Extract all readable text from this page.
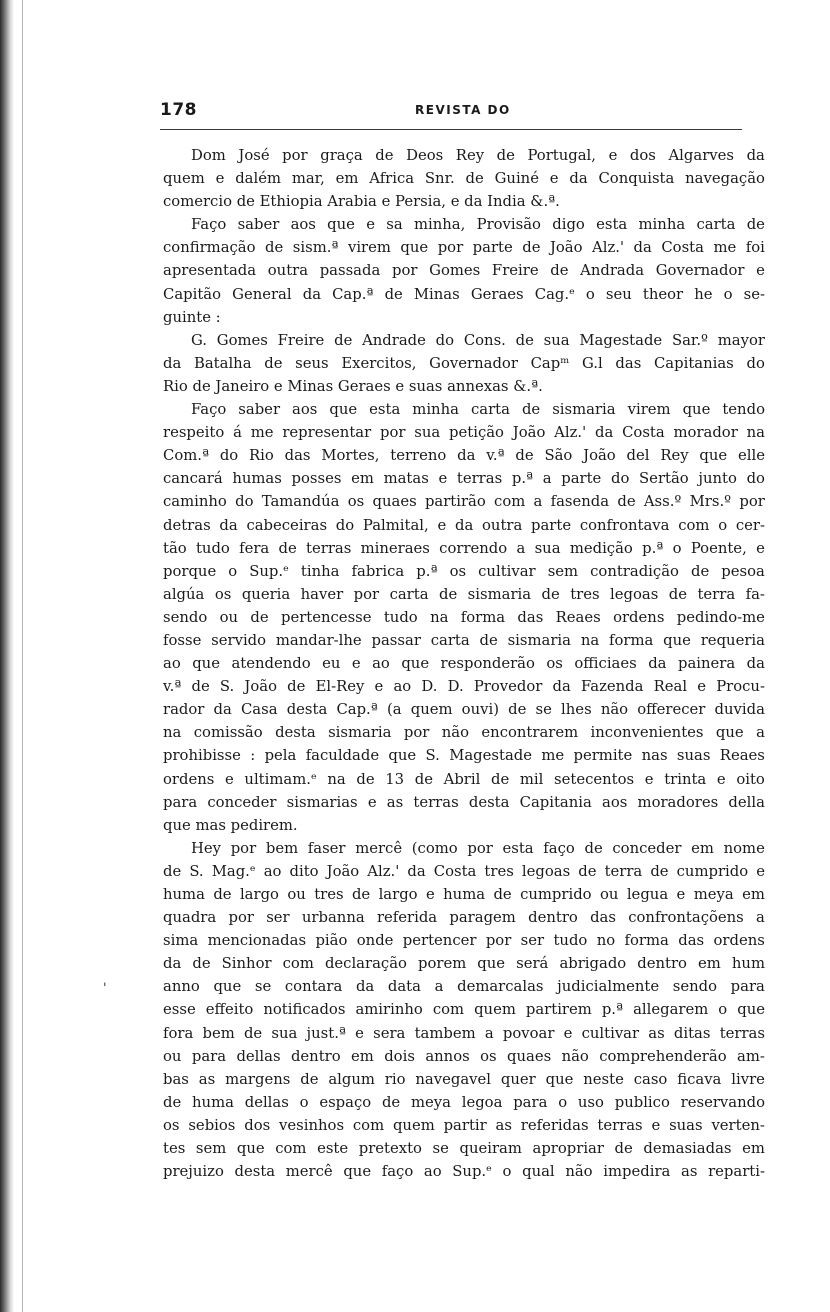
178	REVISTA DO
'
Dom José por graça de Deos Rey de Portugal, e dos Algarves da
quem e dalém mar, em Africa Snr. de Guiné e da Conquista navegação
comercio de Ethiopia Arabia e Persia, e da India &.ª.
Faço saber aos que e sa minha, Provisão digo esta minha carta de
confirmação de sism.ª virem que por parte de João Alz.' da Costa me foi
apresentada outra passada por Gomes Freire de Andrada Governador e
Capitão General da Cap.ª de Minas Geraes Cag.ᵉ o seu theor he o se-
guinte :
G. Gomes Freire de Andrade do Cons. de sua Magestade Sar.º mayor
da Batalha de seus Exercitos, Governador Capᵐ G.l das Capitanias do
Rio de Janeiro e Minas Geraes e suas annexas &.ª.
Faço saber aos que esta minha carta de sismaria virem que tendo
respeito á me representar por sua petição João Alz.' da Costa morador na
Com.ª do Rio das Mortes, terreno da v.ª de São João del Rey que elle
cancará humas posses em matas e terras p.ª a parte do Sertão junto do
caminho do Tamandúa os quaes partirão com a fasenda de Ass.º Mrs.º por
detras da cabeceiras do Palmital, e da outra parte confrontava com o cer-
tão tudo fera de terras mineraes correndo a sua medição p.ª o Poente, e
porque o Sup.ᵉ tinha fabrica p.ª os cultivar sem contradição de pesoa
algúa os queria haver por carta de sismaria de tres legoas de terra fa-
sendo ou de pertencesse tudo na forma das Reaes ordens pedindo-me
fosse servido mandar-lhe passar carta de sismaria na forma que requeria
ao que atendendo eu e ao que responderão os officiaes da painera da
v.ª de S. João de El-Rey e ao D. D. Provedor da Fazenda Real e Procu-
rador da Casa desta Cap.ª (a quem ouvi) de se lhes não offerecer duvida
na comissão desta sismaria por não encontrarem inconvenientes que a
prohibisse : pela faculdade que S. Magestade me permite nas suas Reaes
ordens e ultimam.ᵉ na de 13 de Abril de mil setecentos e trinta e oito
para conceder sismarias e as terras desta Capitania aos moradores della
que mas pedirem.
Hey por bem faser mercê (como por esta faço de conceder em nome
de S. Mag.ᵉ ao dito João Alz.' da Costa tres legoas de terra de cumprido e
huma de largo ou tres de largo e huma de cumprido ou legua e meya em
quadra por ser urbanna referida paragem dentro das confrontaçõens a
sima mencionadas pião onde pertencer por ser tudo no forma das ordens
da de Sinhor com declaração porem que será abrigado dentro em hum
anno que se contara da data a demarcalas judicialmente sendo para
esse effeito notificados amirinho com quem partirem p.ª allegarem o que
fora bem de sua just.ª e sera tambem a povoar e cultivar as ditas terras
ou para dellas dentro em dois annos os quaes não comprehenderão am-
bas as margens de algum rio navegavel quer que neste caso ficava livre
de huma dellas o espaço de meya legoa para o uso publico reservando
os sebios dos vesinhos com quem partir as referidas terras e suas verten-
tes sem que com este pretexto se queiram apropriar de demasiadas em
prejuizo desta mercê que faço ao Sup.ᵉ o qual não impedira as reparti-
